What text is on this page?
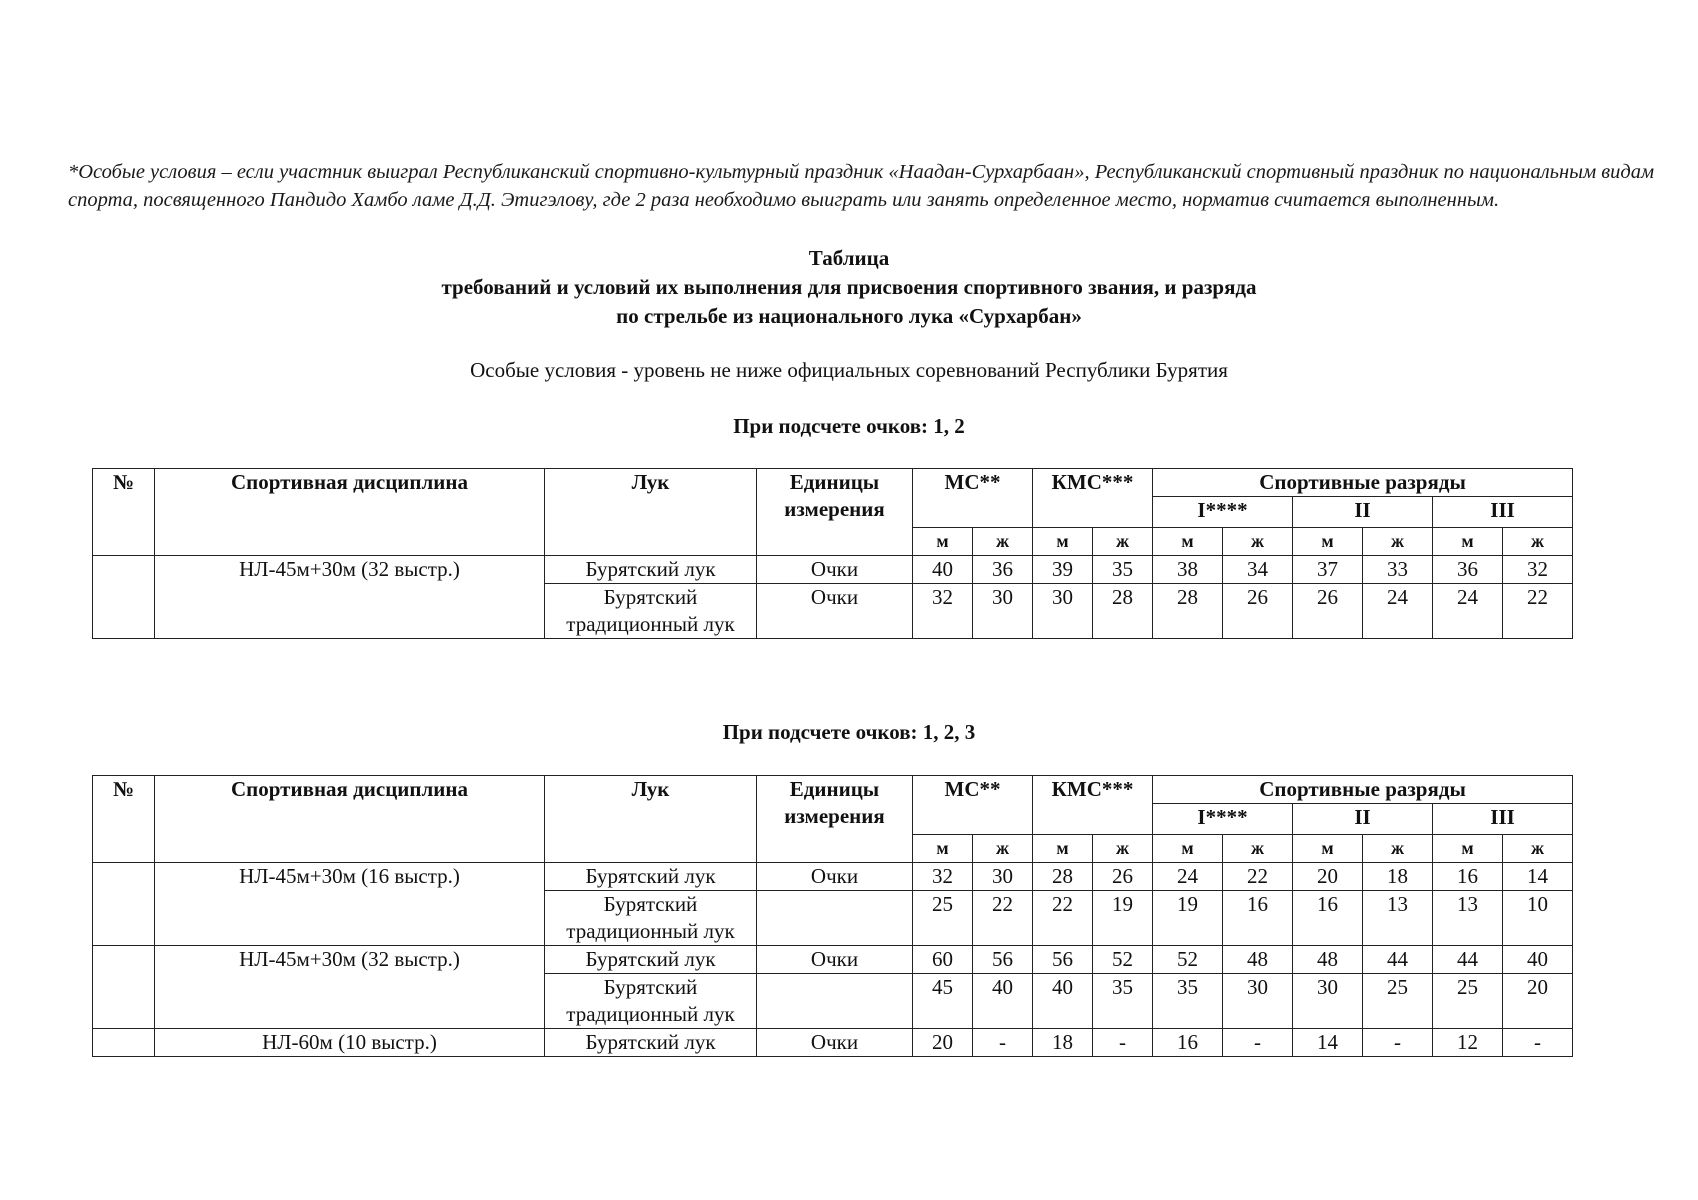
*Особые условия – если участник выиграл Республиканский спортивно-культурный праздник «Наадан-Сурхарбаан», Республиканский спортивный праздник по национальным видам спорта, посвященного Пандидо Хамбо ламе Д.Д. Этигэлову, где 2 раза необходимо выиграть или занять определенное место, норматив считается выполненным.
Таблица
требований и условий их выполнения для присвоения спортивного звания, и разряда
по стрельбе из национального лука «Сурхарбан»
Особые условия - уровень не ниже официальных соревнований Республики Бурятия
При подсчете очков: 1, 2
№	Спортивная дисциплина	Лук	Единицы измерения	МС**		КМС***		Спортивные разряды					
								I****		II		III	
				м	ж	м	ж	м	ж	м	ж	м	ж
	НЛ-45м+30м (32 выстр.)	Бурятский лук	Очки	40	36	39	35	38	34	37	33	36	32
		Бурятский традиционный лук	Очки	32	30	30	28	28	26	26	24	24	22
При подсчете очков: 1, 2, 3
№	Спортивная дисциплина	Лук	Единицы измерения	МС**		КМС***		Спортивные разряды					
								I****		II		III	
				м	ж	м	ж	м	ж	м	ж	м	ж
	НЛ-45м+30м (16 выстр.)	Бурятский лук	Очки	32	30	28	26	24	22	20	18	16	14
		Бурятский традиционный лук		25	22	22	19	19	16	16	13	13	10
	НЛ-45м+30м (32 выстр.)	Бурятский лук	Очки	60	56	56	52	52	48	48	44	44	40
		Бурятский традиционный лук		45	40	40	35	35	30	30	25	25	20
	НЛ-60м (10 выстр.)	Бурятский лук	Очки	20	-	18	-	16	-	14	-	12	-
